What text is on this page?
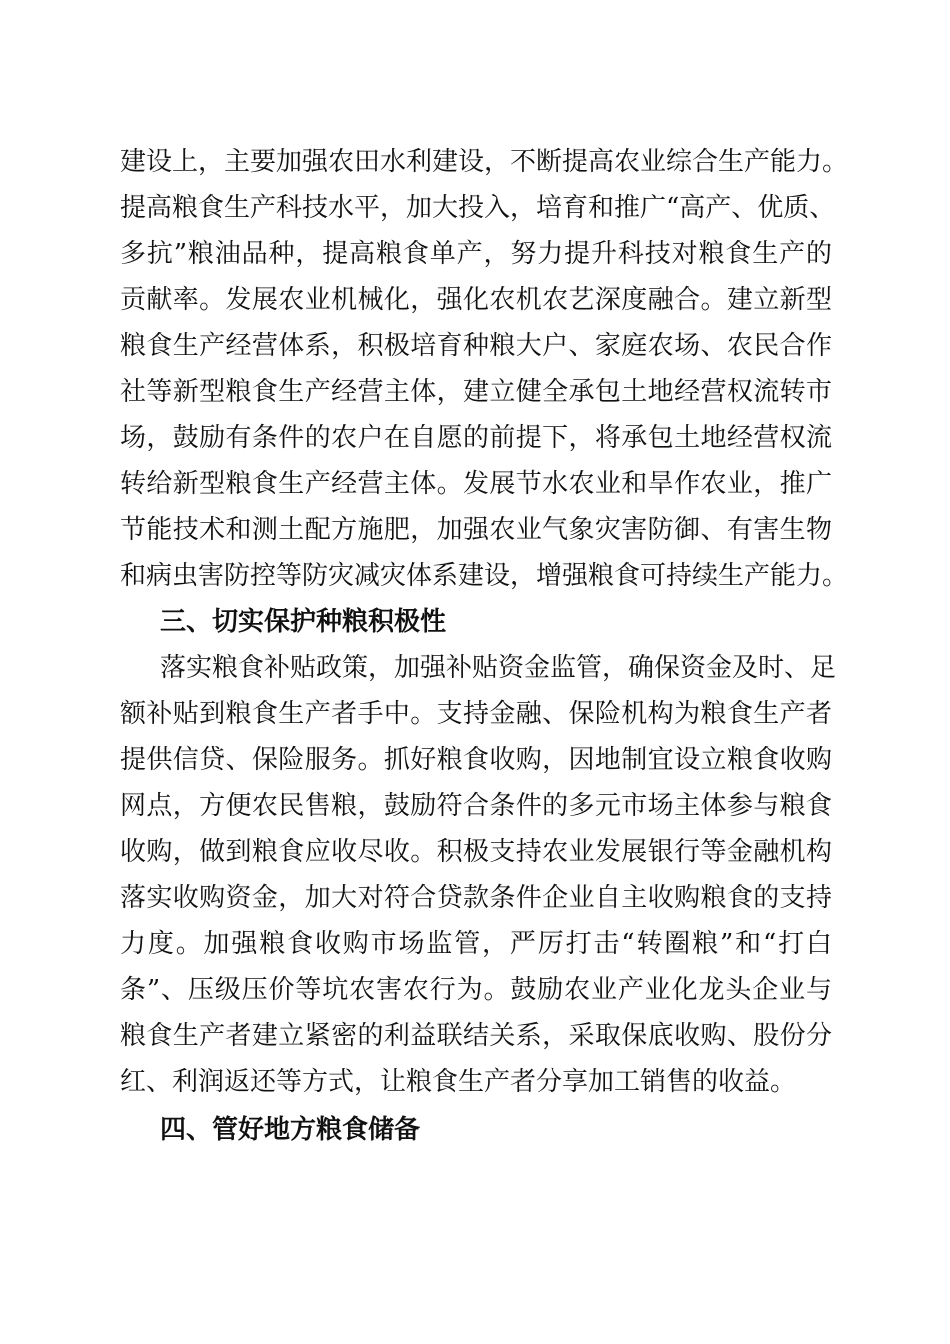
建设上，主要加强农田水利建设，不断提高农业综合生产能力。
提高粮食生产科技水平，加大投入，培育和推广“高产、优质、
多抗”粮油品种，提高粮食单产，努力提升科技对粮食生产的
贡献率。发展农业机械化，强化农机农艺深度融合。建立新型
粮食生产经营体系，积极培育种粮大户、家庭农场、农民合作
社等新型粮食生产经营主体，建立健全承包土地经营权流转市
场，鼓励有条件的农户在自愿的前提下，将承包土地经营权流
转给新型粮食生产经营主体。发展节水农业和旱作农业，推广
节能技术和测土配方施肥，加强农业气象灾害防御、有害生物
和病虫害防控等防灾减灾体系建设，增强粮食可持续生产能力。
三、切实保护种粮积极性
落实粮食补贴政策，加强补贴资金监管，确保资金及时、足
额补贴到粮食生产者手中。支持金融、保险机构为粮食生产者
提供信贷、保险服务。抓好粮食收购，因地制宜设立粮食收购
网点，方便农民售粮，鼓励符合条件的多元市场主体参与粮食
收购，做到粮食应收尽收。积极支持农业发展银行等金融机构
落实收购资金，加大对符合贷款条件企业自主收购粮食的支持
力度。加强粮食收购市场监管，严厉打击“转圈粮”和“打白
条”、压级压价等坑农害农行为。鼓励农业产业化龙头企业与
粮食生产者建立紧密的利益联结关系，采取保底收购、股份分
红、利润返还等方式，让粮食生产者分享加工销售的收益。
四、管好地方粮食储备
